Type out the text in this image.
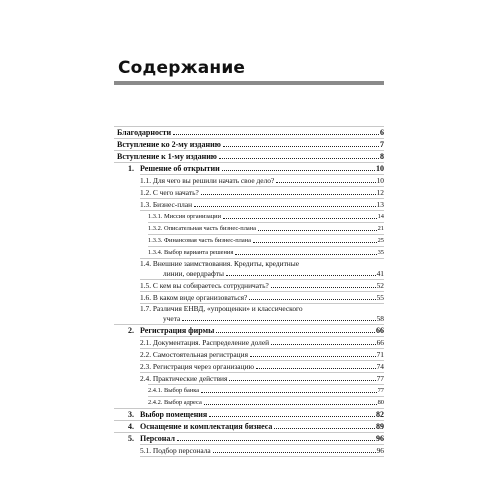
Содержание
Благодарности	6
Вступление ко 2-му изданию	7
Вступление к 1-му изданию	8
1. Решение об открытии	10
1.1. Для чего вы решили начать свое дело?	10
1.2. С чего начать?	12
1.3. Бизнес-план	13
1.3.1. Миссия организации	14
1.3.2. Описательная часть бизнес-плана	21
1.3.3. Финансовая часть бизнес-плана	25
1.3.4. Выбор варианта решения	35
1.4. Внешние заимствования. Кредиты, кредитные
линии, овердрафты	41
1.5. С кем вы собираетесь сотрудничать?	52
1.6. В каком виде организоваться?	55
1.7. Различия ЕНВД, «упрощенки» и классического
учета	58
2. Регистрация фирмы	66
2.1. Документация. Распределение долей	66
2.2. Самостоятельная регистрация	71
2.3. Регистрация через организацию	74
2.4. Практические действия	77
2.4.1. Выбор банка	77
2.4.2. Выбор адреса	80
3. Выбор помещения	82
4. Оснащение и комплектация бизнеса	89
5. Персонал	96
5.1. Подбор персонала	96
